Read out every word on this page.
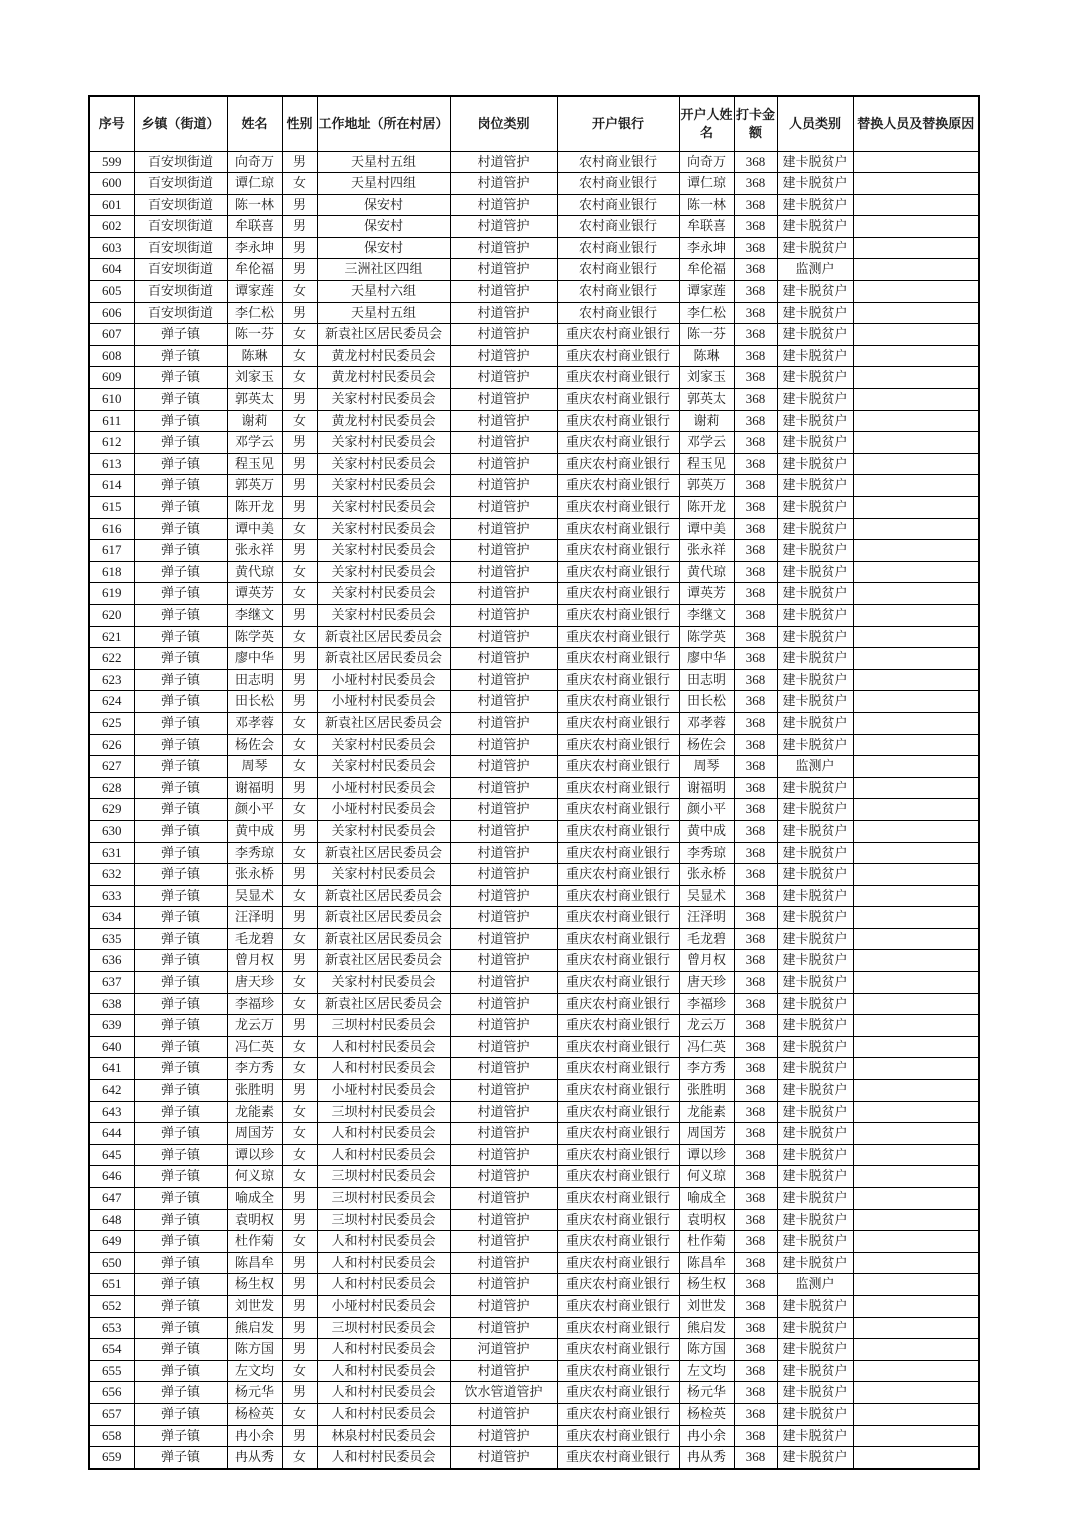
序号	乡镇（街道）	姓名	性别	工作地址（所在村居）	岗位类别	开户银行	开户人姓名	打卡金额	人员类别	替换人员及替换原因
599	百安坝街道	向奇万	男	天星村五组	村道管护	农村商业银行	向奇万	368	建卡脱贫户	
600	百安坝街道	谭仁琼	女	天星村四组	村道管护	农村商业银行	谭仁琼	368	建卡脱贫户	
601	百安坝街道	陈一林	男	保安村	村道管护	农村商业银行	陈一林	368	建卡脱贫户	
602	百安坝街道	牟联喜	男	保安村	村道管护	农村商业银行	牟联喜	368	建卡脱贫户	
603	百安坝街道	李永坤	男	保安村	村道管护	农村商业银行	李永坤	368	建卡脱贫户	
604	百安坝街道	牟伦福	男	三洲社区四组	村道管护	农村商业银行	牟伦福	368	监测户	
605	百安坝街道	谭家莲	女	天星村六组	村道管护	农村商业银行	谭家莲	368	建卡脱贫户	
606	百安坝街道	李仁松	男	天星村五组	村道管护	农村商业银行	李仁松	368	建卡脱贫户	
607	弹子镇	陈一芬	女	新袁社区居民委员会	村道管护	重庆农村商业银行	陈一芬	368	建卡脱贫户	
608	弹子镇	陈琳	女	黄龙村村民委员会	村道管护	重庆农村商业银行	陈琳	368	建卡脱贫户	
609	弹子镇	刘家玉	女	黄龙村村民委员会	村道管护	重庆农村商业银行	刘家玉	368	建卡脱贫户	
610	弹子镇	郭英太	男	关家村村民委员会	村道管护	重庆农村商业银行	郭英太	368	建卡脱贫户	
611	弹子镇	谢莉	女	黄龙村村民委员会	村道管护	重庆农村商业银行	谢莉	368	建卡脱贫户	
612	弹子镇	邓学云	男	关家村村民委员会	村道管护	重庆农村商业银行	邓学云	368	建卡脱贫户	
613	弹子镇	程玉见	男	关家村村民委员会	村道管护	重庆农村商业银行	程玉见	368	建卡脱贫户	
614	弹子镇	郭英万	男	关家村村民委员会	村道管护	重庆农村商业银行	郭英万	368	建卡脱贫户	
615	弹子镇	陈开龙	男	关家村村民委员会	村道管护	重庆农村商业银行	陈开龙	368	建卡脱贫户	
616	弹子镇	谭中美	女	关家村村民委员会	村道管护	重庆农村商业银行	谭中美	368	建卡脱贫户	
617	弹子镇	张永祥	男	关家村村民委员会	村道管护	重庆农村商业银行	张永祥	368	建卡脱贫户	
618	弹子镇	黄代琼	女	关家村村民委员会	村道管护	重庆农村商业银行	黄代琼	368	建卡脱贫户	
619	弹子镇	谭英芳	女	关家村村民委员会	村道管护	重庆农村商业银行	谭英芳	368	建卡脱贫户	
620	弹子镇	李继文	男	关家村村民委员会	村道管护	重庆农村商业银行	李继文	368	建卡脱贫户	
621	弹子镇	陈学英	女	新袁社区居民委员会	村道管护	重庆农村商业银行	陈学英	368	建卡脱贫户	
622	弹子镇	廖中华	男	新袁社区居民委员会	村道管护	重庆农村商业银行	廖中华	368	建卡脱贫户	
623	弹子镇	田志明	男	小垭村村民委员会	村道管护	重庆农村商业银行	田志明	368	建卡脱贫户	
624	弹子镇	田长松	男	小垭村村民委员会	村道管护	重庆农村商业银行	田长松	368	建卡脱贫户	
625	弹子镇	邓孝蓉	女	新袁社区居民委员会	村道管护	重庆农村商业银行	邓孝蓉	368	建卡脱贫户	
626	弹子镇	杨佐会	女	关家村村民委员会	村道管护	重庆农村商业银行	杨佐会	368	建卡脱贫户	
627	弹子镇	周琴	女	关家村村民委员会	村道管护	重庆农村商业银行	周琴	368	监测户	
628	弹子镇	谢福明	男	小垭村村民委员会	村道管护	重庆农村商业银行	谢福明	368	建卡脱贫户	
629	弹子镇	颜小平	女	小垭村村民委员会	村道管护	重庆农村商业银行	颜小平	368	建卡脱贫户	
630	弹子镇	黄中成	男	关家村村民委员会	村道管护	重庆农村商业银行	黄中成	368	建卡脱贫户	
631	弹子镇	李秀琼	女	新袁社区居民委员会	村道管护	重庆农村商业银行	李秀琼	368	建卡脱贫户	
632	弹子镇	张永桥	男	关家村村民委员会	村道管护	重庆农村商业银行	张永桥	368	建卡脱贫户	
633	弹子镇	吴显术	女	新袁社区居民委员会	村道管护	重庆农村商业银行	吴显术	368	建卡脱贫户	
634	弹子镇	汪泽明	男	新袁社区居民委员会	村道管护	重庆农村商业银行	汪泽明	368	建卡脱贫户	
635	弹子镇	毛龙碧	女	新袁社区居民委员会	村道管护	重庆农村商业银行	毛龙碧	368	建卡脱贫户	
636	弹子镇	曾月权	男	新袁社区居民委员会	村道管护	重庆农村商业银行	曾月权	368	建卡脱贫户	
637	弹子镇	唐天珍	女	关家村村民委员会	村道管护	重庆农村商业银行	唐天珍	368	建卡脱贫户	
638	弹子镇	李福珍	女	新袁社区居民委员会	村道管护	重庆农村商业银行	李福珍	368	建卡脱贫户	
639	弹子镇	龙云万	男	三坝村村民委员会	村道管护	重庆农村商业银行	龙云万	368	建卡脱贫户	
640	弹子镇	冯仁英	女	人和村村民委员会	村道管护	重庆农村商业银行	冯仁英	368	建卡脱贫户	
641	弹子镇	李方秀	女	人和村村民委员会	村道管护	重庆农村商业银行	李方秀	368	建卡脱贫户	
642	弹子镇	张胜明	男	小垭村村民委员会	村道管护	重庆农村商业银行	张胜明	368	建卡脱贫户	
643	弹子镇	龙能素	女	三坝村村民委员会	村道管护	重庆农村商业银行	龙能素	368	建卡脱贫户	
644	弹子镇	周国芳	女	人和村村民委员会	村道管护	重庆农村商业银行	周国芳	368	建卡脱贫户	
645	弹子镇	谭以珍	女	人和村村民委员会	村道管护	重庆农村商业银行	谭以珍	368	建卡脱贫户	
646	弹子镇	何义琼	女	三坝村村民委员会	村道管护	重庆农村商业银行	何义琼	368	建卡脱贫户	
647	弹子镇	喻成全	男	三坝村村民委员会	村道管护	重庆农村商业银行	喻成全	368	建卡脱贫户	
648	弹子镇	袁明权	男	三坝村村民委员会	村道管护	重庆农村商业银行	袁明权	368	建卡脱贫户	
649	弹子镇	杜作菊	女	人和村村民委员会	村道管护	重庆农村商业银行	杜作菊	368	建卡脱贫户	
650	弹子镇	陈昌牟	男	人和村村民委员会	村道管护	重庆农村商业银行	陈昌牟	368	建卡脱贫户	
651	弹子镇	杨生权	男	人和村村民委员会	村道管护	重庆农村商业银行	杨生权	368	监测户	
652	弹子镇	刘世发	男	小垭村村民委员会	村道管护	重庆农村商业银行	刘世发	368	建卡脱贫户	
653	弹子镇	熊启发	男	三坝村村民委员会	村道管护	重庆农村商业银行	熊启发	368	建卡脱贫户	
654	弹子镇	陈方国	男	人和村村民委员会	河道管护	重庆农村商业银行	陈方国	368	建卡脱贫户	
655	弹子镇	左文均	女	人和村村民委员会	村道管护	重庆农村商业银行	左文均	368	建卡脱贫户	
656	弹子镇	杨元华	男	人和村村民委员会	饮水管道管护	重庆农村商业银行	杨元华	368	建卡脱贫户	
657	弹子镇	杨检英	女	人和村村民委员会	村道管护	重庆农村商业银行	杨检英	368	建卡脱贫户	
658	弹子镇	冉小余	男	林泉村村民委员会	村道管护	重庆农村商业银行	冉小余	368	建卡脱贫户	
659	弹子镇	冉从秀	女	人和村村民委员会	村道管护	重庆农村商业银行	冉从秀	368	建卡脱贫户	
